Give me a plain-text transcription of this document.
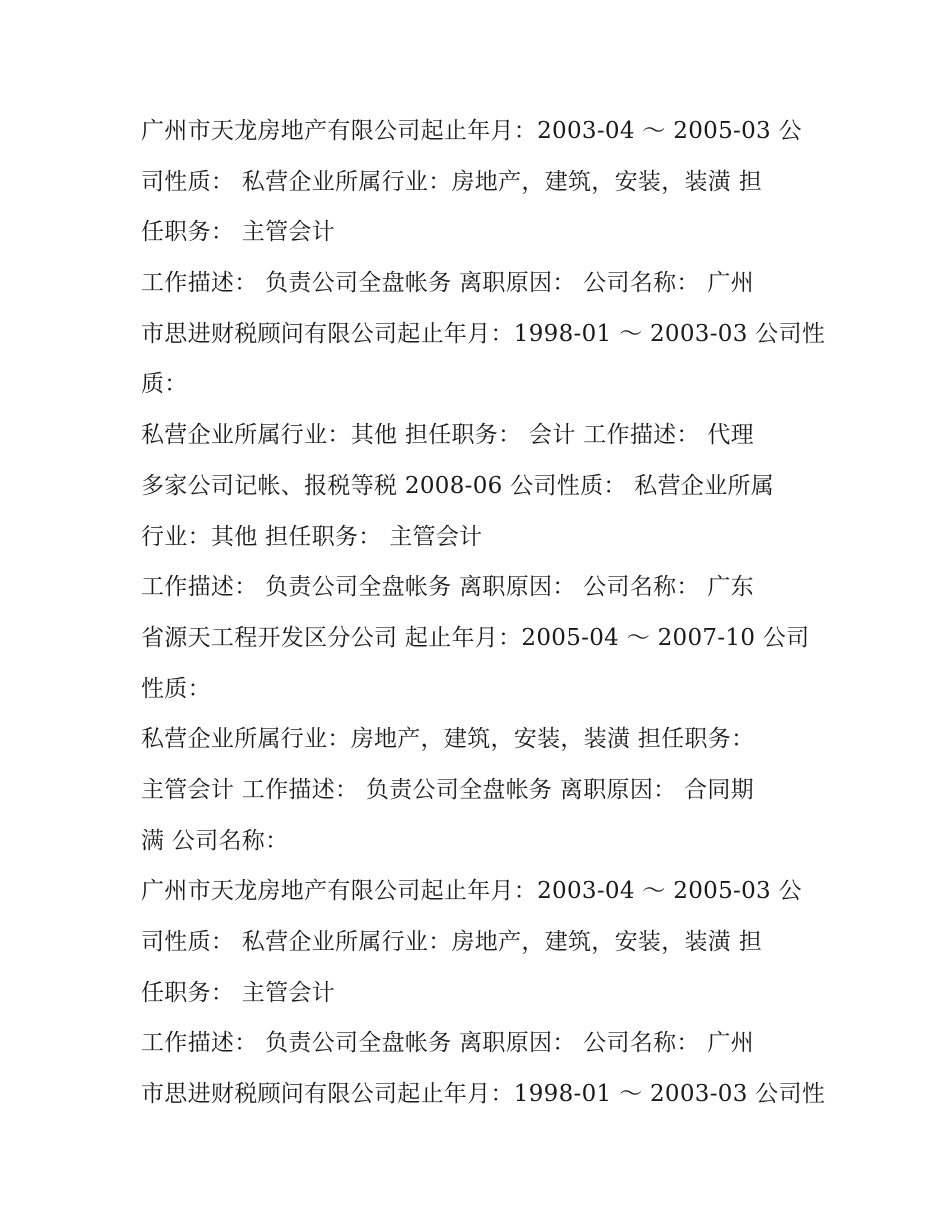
广州市天龙房地产有限公司起止年月：2003-04 ～ 2005-03 公
司性质： 私营企业所属行业：房地产，建筑，安装，装潢 担
任职务： 主管会计
工作描述： 负责公司全盘帐务 离职原因： 公司名称： 广州
市思进财税顾问有限公司起止年月：1998-01 ～ 2003-03 公司性
质：
私营企业所属行业：其他 担任职务： 会计 工作描述： 代理
多家公司记帐、报税等税 2008-06 公司性质： 私营企业所属
行业：其他 担任职务： 主管会计
工作描述： 负责公司全盘帐务 离职原因： 公司名称： 广东
省源天工程开发区分公司 起止年月：2005-04 ～ 2007-10 公司
性质：
私营企业所属行业：房地产，建筑，安装，装潢 担任职务：
主管会计 工作描述： 负责公司全盘帐务 离职原因： 合同期
满 公司名称：
广州市天龙房地产有限公司起止年月：2003-04 ～ 2005-03 公
司性质： 私营企业所属行业：房地产，建筑，安装，装潢 担
任职务： 主管会计
工作描述： 负责公司全盘帐务 离职原因： 公司名称： 广州
市思进财税顾问有限公司起止年月：1998-01 ～ 2003-03 公司性
